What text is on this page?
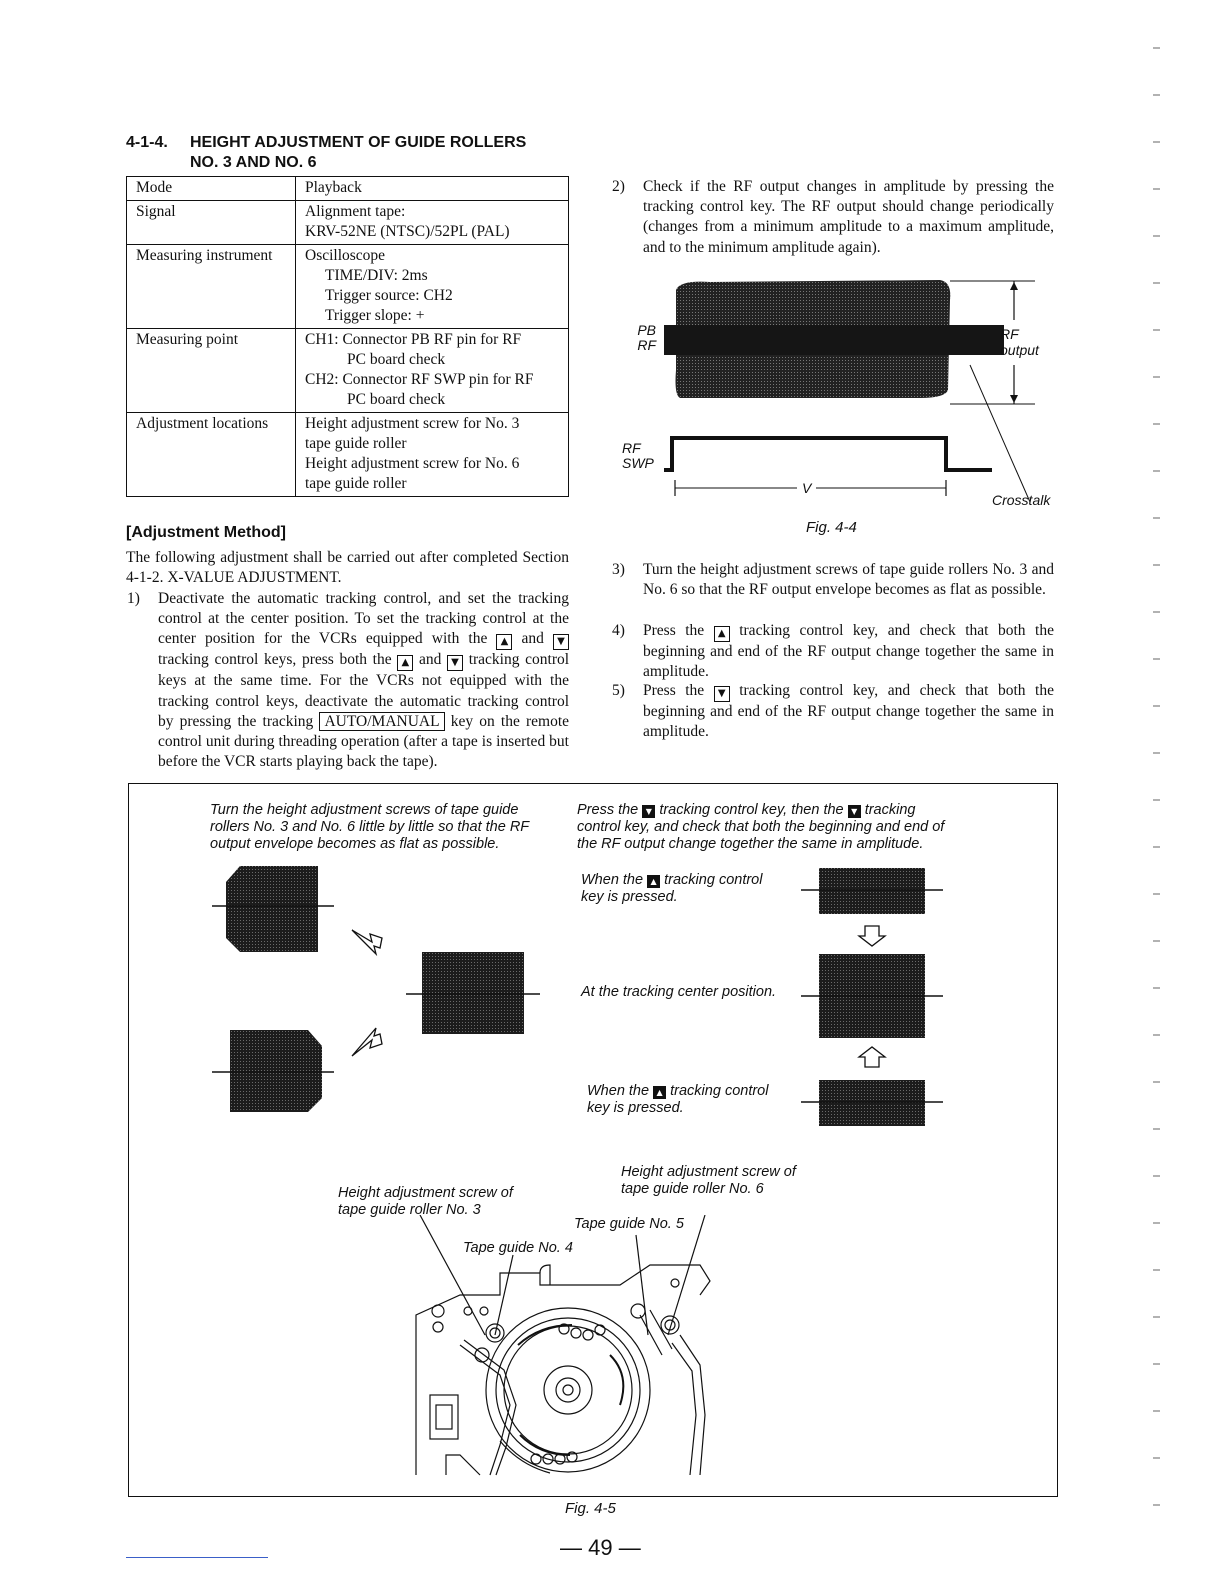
4-1-4. HEIGHT ADJUSTMENT OF GUIDE ROLLERS
NO. 3 AND NO. 6
Mode	Playback
Signal	Alignment tape:
KRV-52NE (NTSC)/52PL (PAL)

Measuring instrument	Oscilloscope
TIME/DIV: 2ms
Trigger source: CH2
Trigger slope: +

Measuring point	CH1: Connector PB RF pin for RF
PC board check
CH2: Connector RF SWP pin for RF
PC board check

Adjustment locations	Height adjustment screw for No. 3
tape guide roller
Height adjustment screw for No. 6
tape guide roller
[Adjustment Method]
The following adjustment shall be carried out after completed Section 4-1-2. X-VALUE ADJUSTMENT.
1) Deactivate the automatic tracking control, and set the tracking control at the center position. To set the tracking control at the center position for the VCRs equipped with the ▲ and ▼ tracking control keys, press both the ▲ and ▼ tracking control keys at the same time. For the VCRs not equipped with the tracking control keys, deactivate the automatic tracking control by pressing the tracking AUTO/MANUAL key on the remote control unit during threading operation (after a tape is inserted but before the VCR starts playing back the tape).
2) Check if the RF output changes in amplitude by pressing the tracking control key. The RF output should change periodically (changes from a minimum amplitude to a maximum amplitude, and to the minimum amplitude again).
PB
RF
RF
output
RF
SWP
V
Crosstalk
Fig. 4-4
3) Turn the height adjustment screws of tape guide rollers No. 3 and No. 6 so that the RF output envelope becomes as flat as possible.
4) Press the ▲ tracking control key, and check that both the beginning and end of the RF output change together the same in amplitude.
5) Press the ▼ tracking control key, and check that both the beginning and end of the RF output change together the same in amplitude.
Turn the height adjustment screws of tape guide rollers No. 3 and No. 6 little by little so that the RF output envelope becomes as flat as possible.
Press the ▼ tracking control key, then the ▼ tracking control key, and check that both the beginning and end of the RF output change together the same in amplitude.
When the ▲ tracking control key is pressed.
At the tracking center position.
When the ▲ tracking control key is pressed.
Height adjustment screw of
tape guide roller No. 6
Height adjustment screw of
tape guide roller No. 3
Tape guide No. 5
Tape guide No. 4
Fig. 4-5
— 49 —
